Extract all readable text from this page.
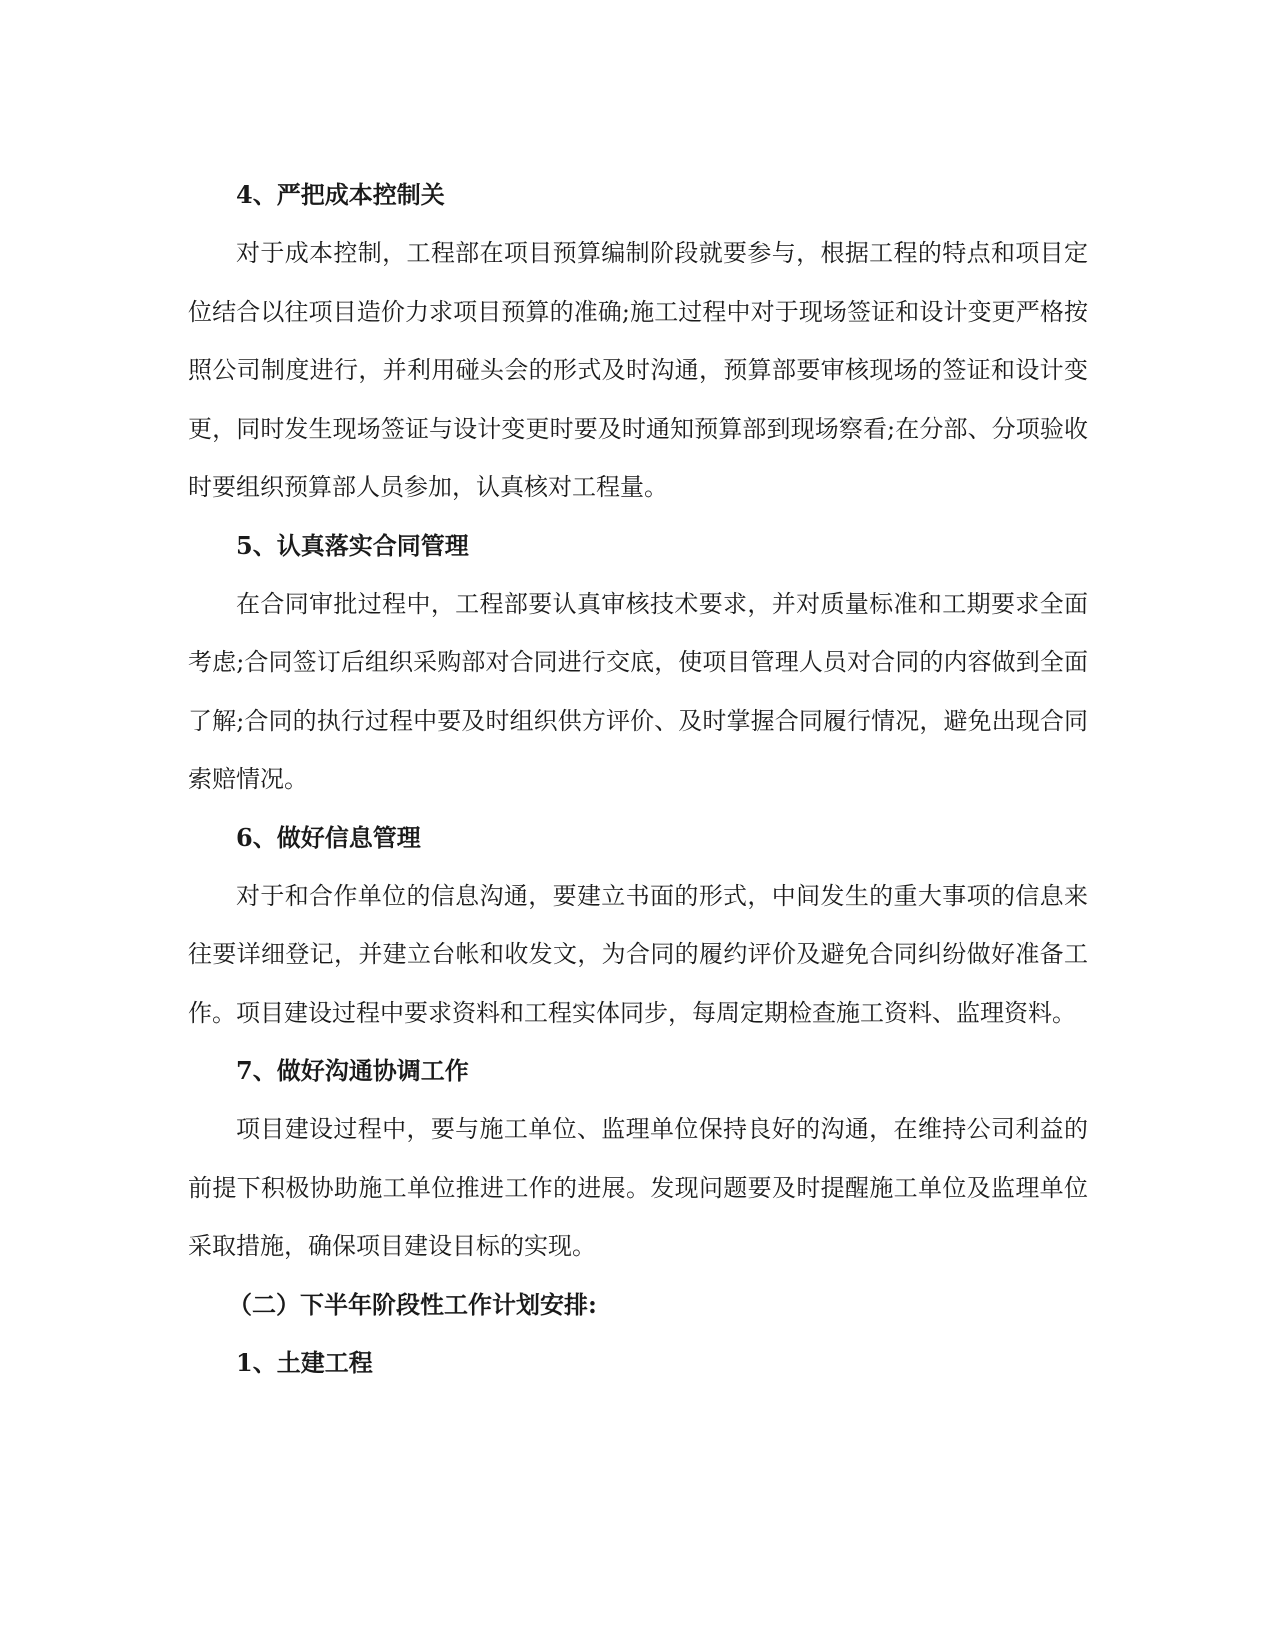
4、严把成本控制关

对于成本控制，工程部在项目预算编制阶段就要参与，根据工程的特点和项目定位结合以往项目造价力求项目预算的准确;施工过程中对于现场签证和设计变更严格按照公司制度进行，并利用碰头会的形式及时沟通，预算部要审核现场的签证和设计变更，同时发生现场签证与设计变更时要及时通知预算部到现场察看;在分部、分项验收时要组织预算部人员参加，认真核对工程量。

5、认真落实合同管理

在合同审批过程中，工程部要认真审核技术要求，并对质量标准和工期要求全面考虑;合同签订后组织采购部对合同进行交底，使项目管理人员对合同的内容做到全面了解;合同的执行过程中要及时组织供方评价、及时掌握合同履行情况，避免出现合同索赔情况。

6、做好信息管理

对于和合作单位的信息沟通，要建立书面的形式，中间发生的重大事项的信息来往要详细登记，并建立台帐和收发文，为合同的履约评价及避免合同纠纷做好准备工作。项目建设过程中要求资料和工程实体同步，每周定期检查施工资料、监理资料。

7、做好沟通协调工作

项目建设过程中，要与施工单位、监理单位保持良好的沟通，在维持公司利益的前提下积极协助施工单位推进工作的进展。发现问题要及时提醒施工单位及监理单位采取措施，确保项目建设目标的实现。

（二）下半年阶段性工作计划安排:

1、土建工程
